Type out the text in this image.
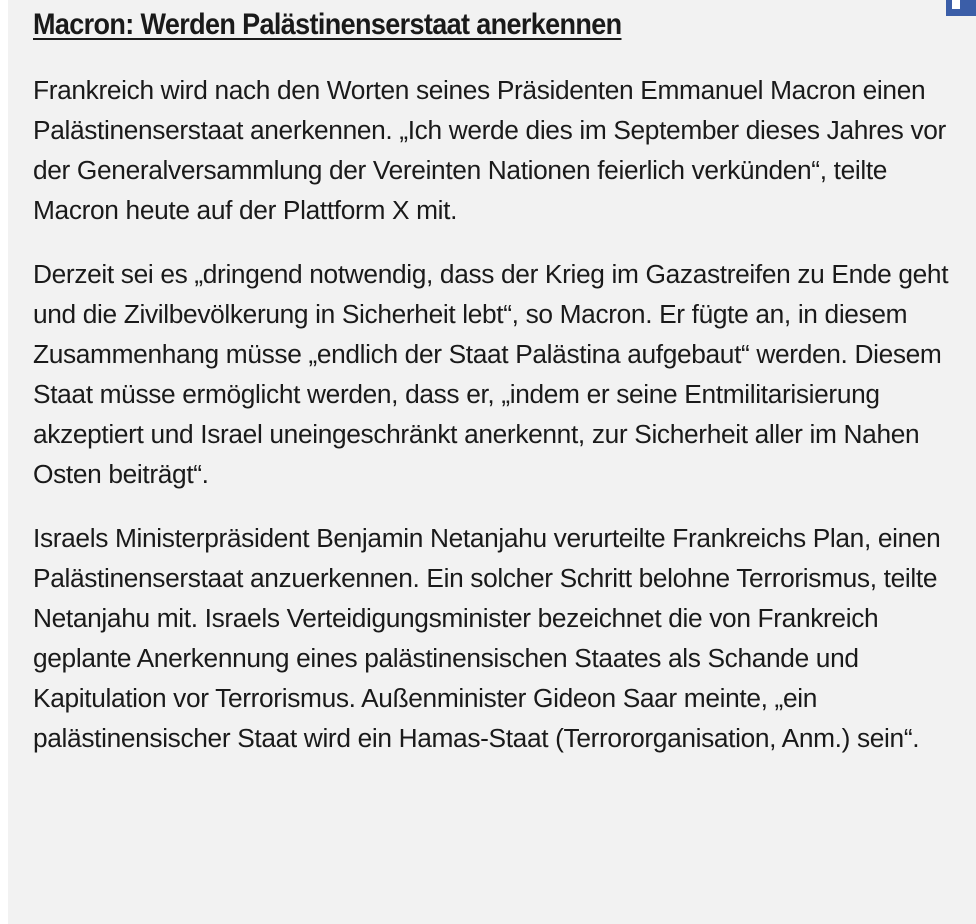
Macron: Werden Palästinenserstaat anerkennen

Frankreich wird nach den Worten seines Präsidenten Emmanuel Macron einen Palästinenserstaat anerkennen. „Ich werde dies im September dieses Jahres vor der Generalversammlung der Vereinten Nationen feierlich verkünden“, teilte Macron heute auf der Plattform X mit.

Derzeit sei es „dringend notwendig, dass der Krieg im Gazastreifen zu Ende geht und die Zivilbevölkerung in Sicherheit lebt“, so Macron. Er fügte an, in diesem Zusammenhang müsse „endlich der Staat Palästina aufgebaut“ werden. Diesem Staat müsse ermöglicht werden, dass er, „indem er seine Entmilitarisierung akzeptiert und Israel uneingeschränkt anerkennt, zur Sicherheit aller im Nahen Osten beiträgt“.

Israels Ministerpräsident Benjamin Netanjahu verurteilte Frankreichs Plan, einen Palästinenserstaat anzuerkennen. Ein solcher Schritt belohne Terrorismus, teilte Netanjahu mit. Israels Verteidigungsminister bezeichnet die von Frankreich geplante Anerkennung eines palästinensischen Staates als Schande und Kapitulation vor Terrorismus. Außenminister Gideon Saar meinte, „ein palästinensischer Staat wird ein Hamas-Staat (Terrororganisation, Anm.) sein“.
